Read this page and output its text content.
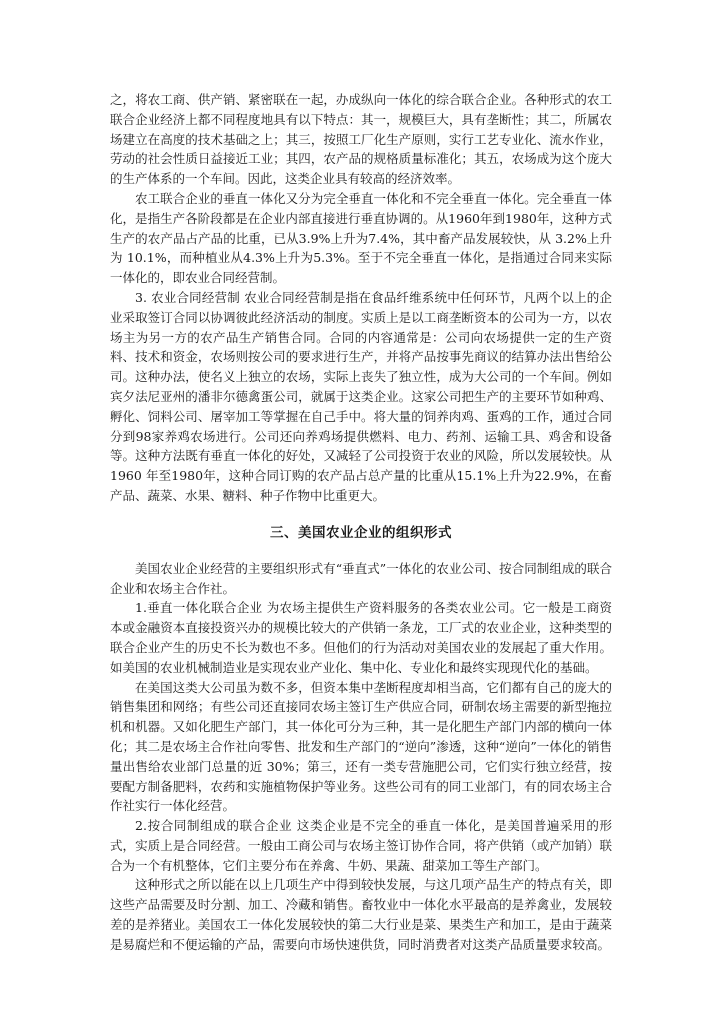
之，将农工商、供产销、紧密联在一起，办成纵向一体化的综合联合企业。各种形式的农工联合企业经济上都不同程度地具有以下特点：其一，规模巨大，具有垄断性；其二，所属农场建立在高度的技术基础之上；其三，按照工厂化生产原则，实行工艺专业化、流水作业，劳动的社会性质日益接近工业；其四，农产品的规格质量标准化；其五，农场成为这个庞大的生产体系的一个车间。因此，这类企业具有较高的经济效率。

农工联合企业的垂直一体化又分为完全垂直一体化和不完全垂直一体化。完全垂直一体化，是指生产各阶段都是在企业内部直接进行垂直协调的。从1960年到1980年，这种方式生产的农产品占产品的比重，已从3.9%上升为7.4%，其中畜产品发展较快，从 3.2%上升为 10.1%，而种植业从4.3%上升为5.3%。至于不完全垂直一体化，是指通过合同来实际一体化的，即农业合同经营制。

3. 农业合同经营制 农业合同经营制是指在食品纤维系统中任何环节，凡两个以上的企业采取签订合同以协调彼此经济活动的制度。实质上是以工商垄断资本的公司为一方，以农场主为另一方的农产品生产销售合同。合同的内容通常是：公司向农场提供一定的生产资料、技术和资金，农场则按公司的要求进行生产，并将产品按事先商议的结算办法出售给公司。这种办法，使名义上独立的农场，实际上丧失了独立性，成为大公司的一个车间。例如宾夕法尼亚州的潘非尔德禽蛋公司，就属于这类企业。这家公司把生产的主要环节如种鸡、孵化、饲料公司、屠宰加工等掌握在自己手中。将大量的饲养肉鸡、蛋鸡的工作，通过合同分到98家养鸡农场进行。公司还向养鸡场提供燃料、电力、药剂、运输工具、鸡舍和设备等。这种方法既有垂直一体化的好处，又减轻了公司投资于农业的风险，所以发展较快。从 1960 年至1980年，这种合同订购的农产品占总产量的比重从15.1%上升为22.9%，在畜产品、蔬菜、水果、糖料、种子作物中比重更大。

三、美国农业企业的组织形式

美国农业企业经营的主要组织形式有“垂直式”一体化的农业公司、按合同制组成的联合企业和农场主合作社。

1.垂直一体化联合企业 为农场主提供生产资料服务的各类农业公司。它一般是工商资本或金融资本直接投资兴办的规模比较大的产供销一条龙，工厂式的农业企业，这种类型的联合企业产生的历史不长为数也不多。但他们的行为活动对美国农业的发展起了重大作用。如美国的农业机械制造业是实现农业产业化、集中化、专业化和最终实现现代化的基础。

在美国这类大公司虽为数不多，但资本集中垄断程度却相当高，它们都有自己的庞大的销售集团和网络；有些公司还直接同农场主签订生产供应合同，研制农场主需要的新型拖拉机和机器。又如化肥生产部门，其一体化可分为三种，其一是化肥生产部门内部的横向一体化；其二是农场主合作社向零售、批发和生产部门的“逆向”渗透，这种“逆向”一体化的销售量出售给农业部门总量的近 30%；第三，还有一类专营施肥公司，它们实行独立经营，按要配方制备肥料，农药和实施植物保护等业务。这些公司有的同工业部门，有的同农场主合作社实行一体化经营。

2.按合同制组成的联合企业 这类企业是不完全的垂直一体化，是美国普遍采用的形式，实质上是合同经营。一般由工商公司与农场主签订协作合同，将产供销（或产加销）联合为一个有机整体，它们主要分布在养禽、牛奶、果蔬、甜菜加工等生产部门。

这种形式之所以能在以上几项生产中得到较快发展，与这几项产品生产的特点有关，即这些产品需要及时分割、加工、冷藏和销售。畜牧业中一体化水平最高的是养禽业，发展较差的是养猪业。美国农工一体化发展较快的第二大行业是菜、果类生产和加工，是由于蔬菜是易腐烂和不便运输的产品，需要向市场快速供货，同时消费者对这类产品质量要求较高。
